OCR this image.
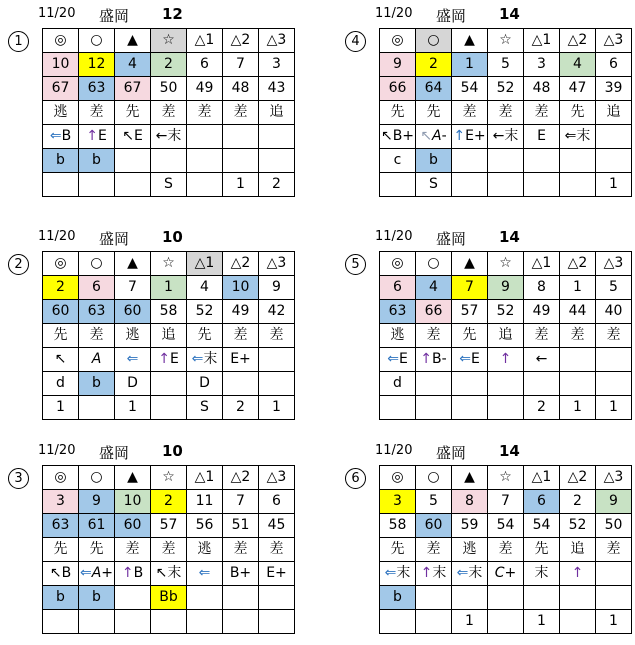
1
11/20 盛岡 12
◎	○	▲	☆	△1	△2	△3
10	12	4	2	6	7	3
67	63	67	50	49	48	43
逃	差	先	差	差	差	追
⇐B	↑E	↖E	←末			
b	b					
			S		1	2
2
11/20 盛岡 10
◎	○	▲	☆	△1	△2	△3
2	6	7	1	4	10	9
60	63	60	58	52	49	42
先	差	逃	追	先	差	差
↖	A	⇐	↑E	⇐末	E+	
d	b	D		D		
1		1		S	2	1
3
11/20 盛岡 10
◎	○	▲	☆	△1	△2	△3
3	9	10	2	11	7	6
63	61	60	57	56	51	45
先	先	差	差	逃	差	差
↖B	⇐A+	↑B	↖末	⇐	B+	E+
b	b		Bb			

4
11/20 盛岡 14
◎	○	▲	☆	△1	△2	△3
9	2	1	5	3	4	6
66	64	54	52	48	47	39
先	先	差	差	差	先	追
↖B+	↖A-	↑E+	←末	E	⇐末	
c	b					
	S					1
5
11/20 盛岡 14
◎	○	▲	☆	△1	△2	△3
6	4	7	9	8	1	5
63	66	57	52	49	44	40
逃	差	先	追	差	差	差
⇐E	↑B-	⇐E	↑	←		
d						
				2	1	1
6
11/20 盛岡 14
◎	○	▲	☆	△1	△2	△3
3	5	8	7	6	2	9
58	60	59	54	54	52	50
先	差	逃	差	先	追	差
⇐末	↑末	⇐末	C+	末	↑	
b						
		1		1		1
